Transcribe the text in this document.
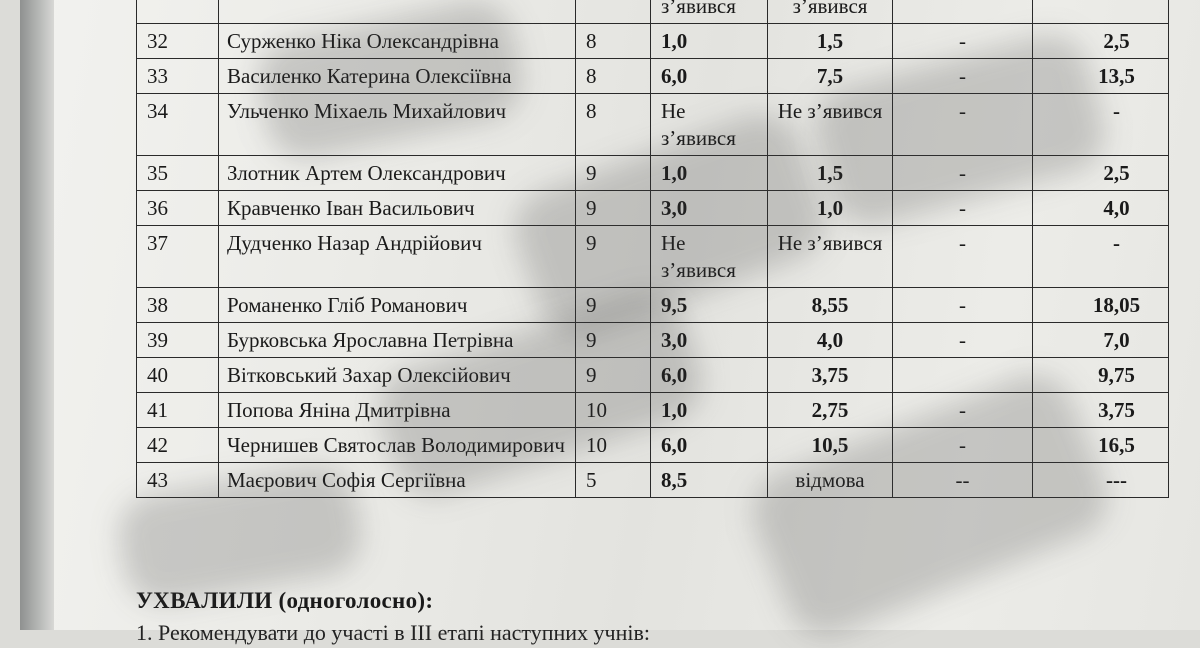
			з’явився	з’явився		
32	Сурженко Ніка Олександрівна	8	1,0	1,5	-	2,5
33	Василенко Катерина Олексіївна	8	6,0	7,5	-	13,5
34	Ульченко Міхаель Михайлович	8	Не з’явився	Не з’явився	-	-
35	Злотник Артем Олександрович	9	1,0	1,5	-	2,5
36	Кравченко Іван Васильович	9	3,0	1,0	-	4,0
37	Дудченко Назар Андрійович	9	Не з’явився	Не з’явився	-	-
38	Романенко Гліб Романович	9	9,5	8,55	-	18,05
39	Бурковська Ярославна Петрівна	9	3,0	4,0	-	7,0
40	Вітковський Захар Олексійович	9	6,0	3,75		9,75
41	Попова Яніна Дмитрівна	10	1,0	2,75	-	3,75
42	Чернишев Святослав Володимирович	10	6,0	10,5	-	16,5
43	Маєрович Софія Сергіївна	5	8,5	відмова	--	---
УХВАЛИЛИ (одноголосно):
1. Рекомендувати до участі в ІІІ етапі наступних учнів:
